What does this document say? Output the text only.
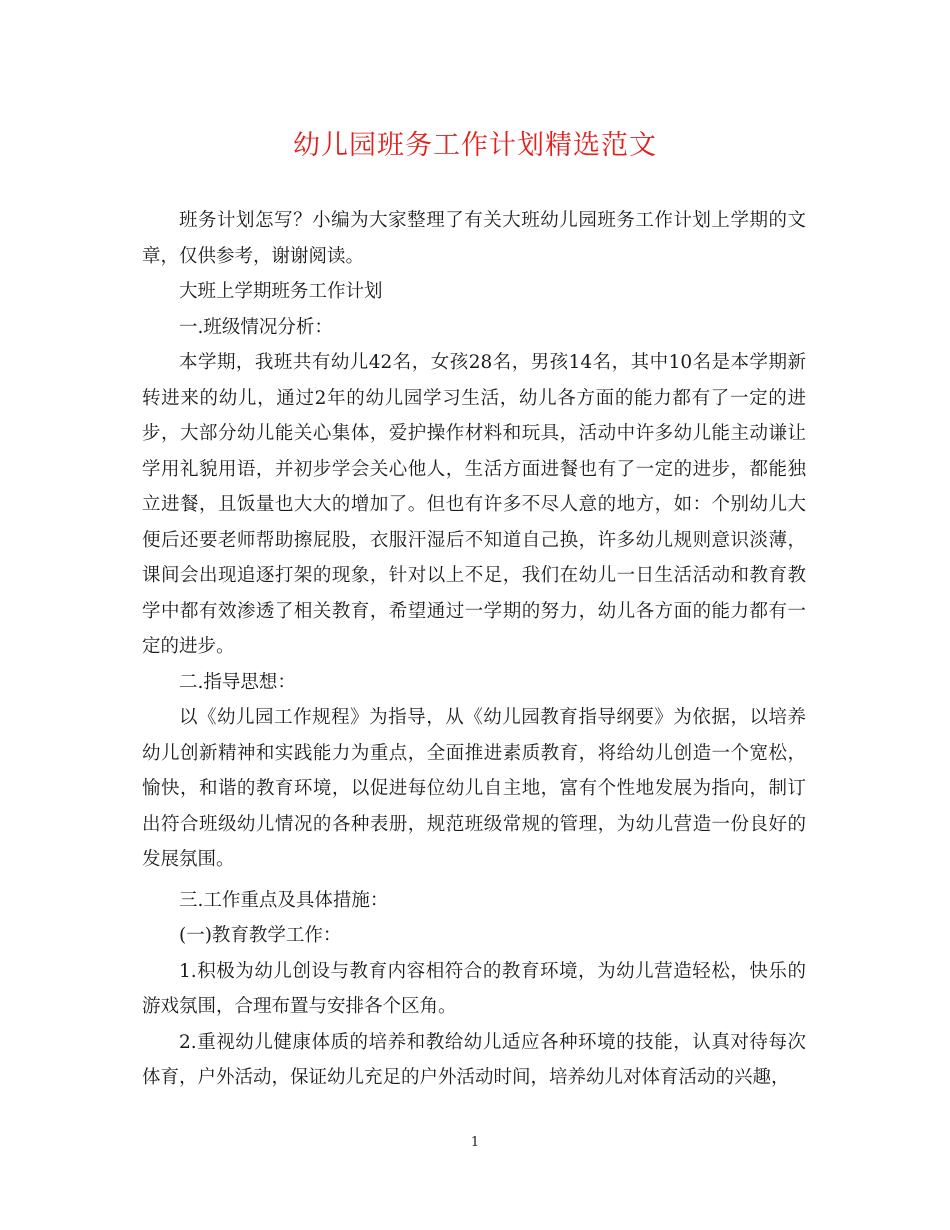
幼儿园班务工作计划精选范文

班务计划怎写？小编为大家整理了有关大班幼儿园班务工作计划上学期的文章，仅供参考，谢谢阅读。

大班上学期班务工作计划

一.班级情况分析：

本学期，我班共有幼儿42名，女孩28名，男孩14名，其中10名是本学期新转进来的幼儿，通过2年的幼儿园学习生活，幼儿各方面的能力都有了一定的进步，大部分幼儿能关心集体，爱护操作材料和玩具，活动中许多幼儿能主动谦让学用礼貌用语，并初步学会关心他人，生活方面进餐也有了一定的进步，都能独立进餐，且饭量也大大的增加了。但也有许多不尽人意的地方，如：个别幼儿大便后还要老师帮助擦屁股，衣服汗湿后不知道自己换，许多幼儿规则意识淡薄，课间会出现追逐打架的现象，针对以上不足，我们在幼儿一日生活活动和教育教学中都有效渗透了相关教育，希望通过一学期的努力，幼儿各方面的能力都有一定的进步。

二.指导思想：

以《幼儿园工作规程》为指导，从《幼儿园教育指导纲要》为依据，以培养幼儿创新精神和实践能力为重点，全面推进素质教育，将给幼儿创造一个宽松，愉快，和谐的教育环境，以促进每位幼儿自主地，富有个性地发展为指向，制订出符合班级幼儿情况的各种表册，规范班级常规的管理，为幼儿营造一份良好的发展氛围。

三.工作重点及具体措施：

(一)教育教学工作：

1.积极为幼儿创设与教育内容相符合的教育环境，为幼儿营造轻松，快乐的游戏氛围，合理布置与安排各个区角。

2.重视幼儿健康体质的培养和教给幼儿适应各种环境的技能，认真对待每次体育，户外活动，保证幼儿充足的户外活动时间，培养幼儿对体育活动的兴趣，

1
